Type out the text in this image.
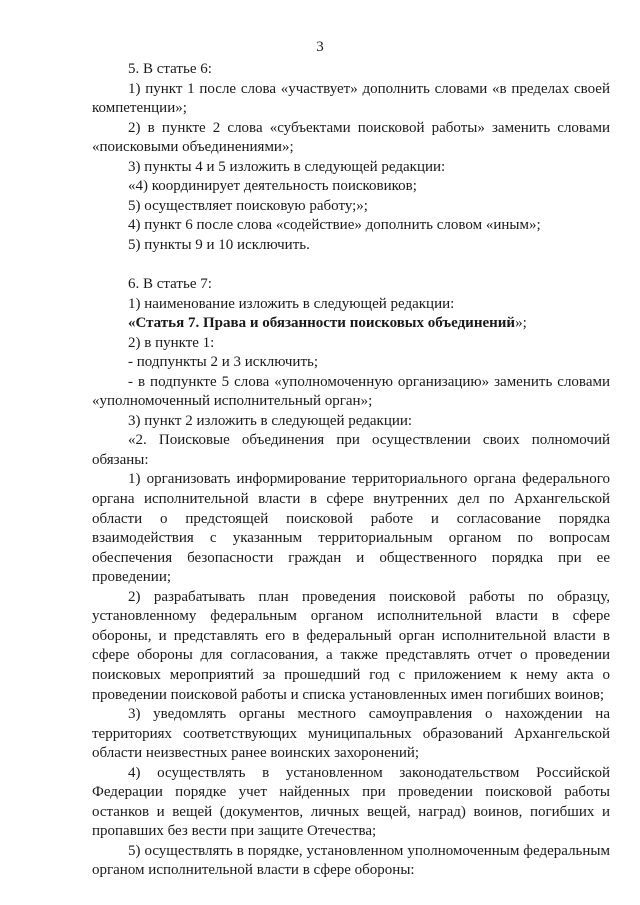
3

5. В статье 6:

1) пункт 1 после слова «участвует» дополнить словами «в пределах своей компетенции»;

2) в пункте 2 слова «субъектами поисковой работы» заменить словами «поисковыми объединениями»;

3) пункты 4 и 5 изложить в следующей редакции:

«4) координирует деятельность поисковиков;

5) осуществляет поисковую работу;»;

4) пункт 6 после слова «содействие» дополнить словом «иным»;

5) пункты 9 и 10 исключить.

6. В статье 7:

1) наименование изложить в следующей редакции:

«Статья 7. Права и обязанности поисковых объединений»;

2) в пункте 1:

- подпункты 2 и 3 исключить;

- в подпункте 5 слова «уполномоченную организацию» заменить словами «уполномоченный исполнительный орган»;

3) пункт 2 изложить в следующей редакции:

«2. Поисковые объединения при осуществлении своих полномочий обязаны:

1) организовать информирование территориального органа федерального органа исполнительной власти в сфере внутренних дел по Архангельской области о предстоящей поисковой работе и согласование порядка взаимодействия с указанным территориальным органом по вопросам обеспечения безопасности граждан и общественного порядка при ее проведении;

2) разрабатывать план проведения поисковой работы по образцу, установленному федеральным органом исполнительной власти в сфере обороны, и представлять его в федеральный орган исполнительной власти в сфере обороны для согласования, а также представлять отчет о проведении поисковых мероприятий за прошедший год с приложением к нему акта о проведении поисковой работы и списка установленных имен погибших воинов;

3) уведомлять органы местного самоуправления о нахождении на территориях соответствующих муниципальных образований Архангельской области неизвестных ранее воинских захоронений;

4) осуществлять в установленном законодательством Российской Федерации порядке учет найденных при проведении поисковой работы останков и вещей (документов, личных вещей, наград) воинов, погибших и пропавших без вести при защите Отечества;

5) осуществлять в порядке, установленном уполномоченным федеральным органом исполнительной власти в сфере обороны:
